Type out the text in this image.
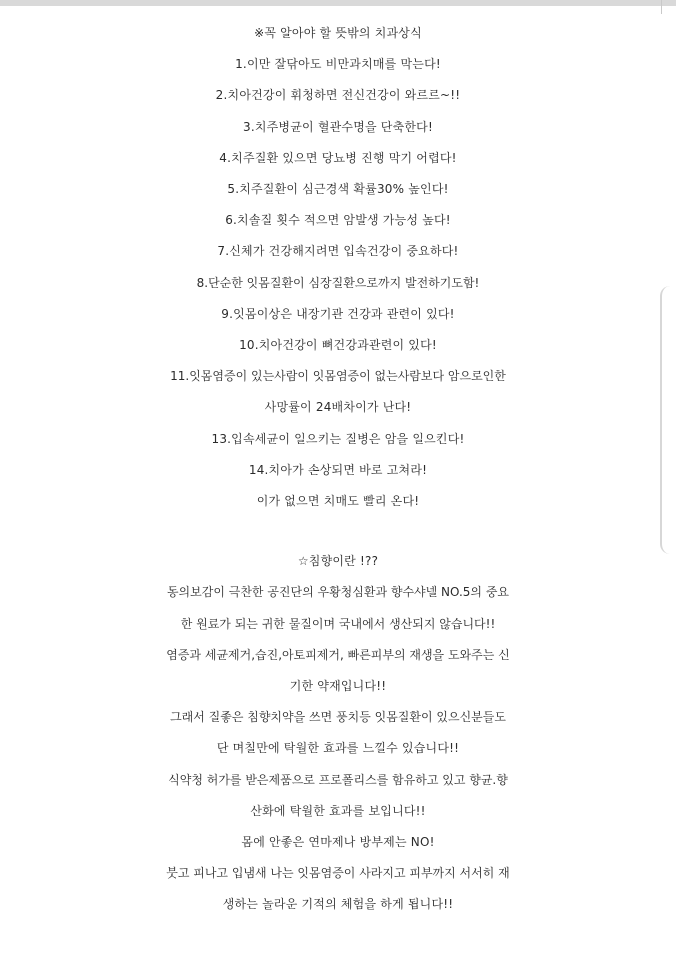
※꼭 알아야 할 뜻밖의 치과상식
1.이만 잘닦아도 비만과치매를 막는다!
2.치아건강이 휘청하면 전신건강이 와르르~!!
3.치주병균이 혈관수명을 단축한다!
4.치주질환 있으면 당뇨병 진행 막기 어렵다!
5.치주질환이 심근경색 확률30% 높인다!
6.치솔질 횟수 적으면 암발생 가능성 높다!
7.신체가 건강해지려면 입속건강이 중요하다!
8.단순한 잇몸질환이 심장질환으로까지 발전하기도함!
9.잇몸이상은 내장기관 건강과 관련이 있다!
10.치아건강이 뼈건강과관련이 있다!
11.잇몸염증이 있는사람이 잇몸염증이 없는사람보다 암으로인한
사망률이 24배차이가 난다!
13.입속세균이 일으키는 질병은 암을 일으킨다!
14.치아가 손상되면 바로 고쳐라!
이가 없으면 치매도 빨리 온다!
☆침향이란 !??
동의보감이 극찬한 공진단의 우황청심환과 향수샤넬 NO.5의 중요
한 원료가 되는 귀한 물질이며 국내에서 생산되지 않습니다!!
염증과 세균제거,습진,아토피제거, 빠른피부의 재생을 도와주는 신
기한 약재입니다!!
그래서 질좋은 침향치약을 쓰면 풍치등 잇몸질환이 있으신분들도
단 며칠만에 탁월한 효과를 느낄수 있습니다!!
식약청 허가를 받은제품으로 프로폴리스를 함유하고 있고 향균.향
산화에 탁월한 효과를 보입니다!!
몸에 안좋은 연마제나 방부제는 NO!
붓고 피나고 입냄새 나는 잇몸염증이 사라지고 피부까지 서서히 재
생하는 놀라운 기적의 체험을 하게 됩니다!!
